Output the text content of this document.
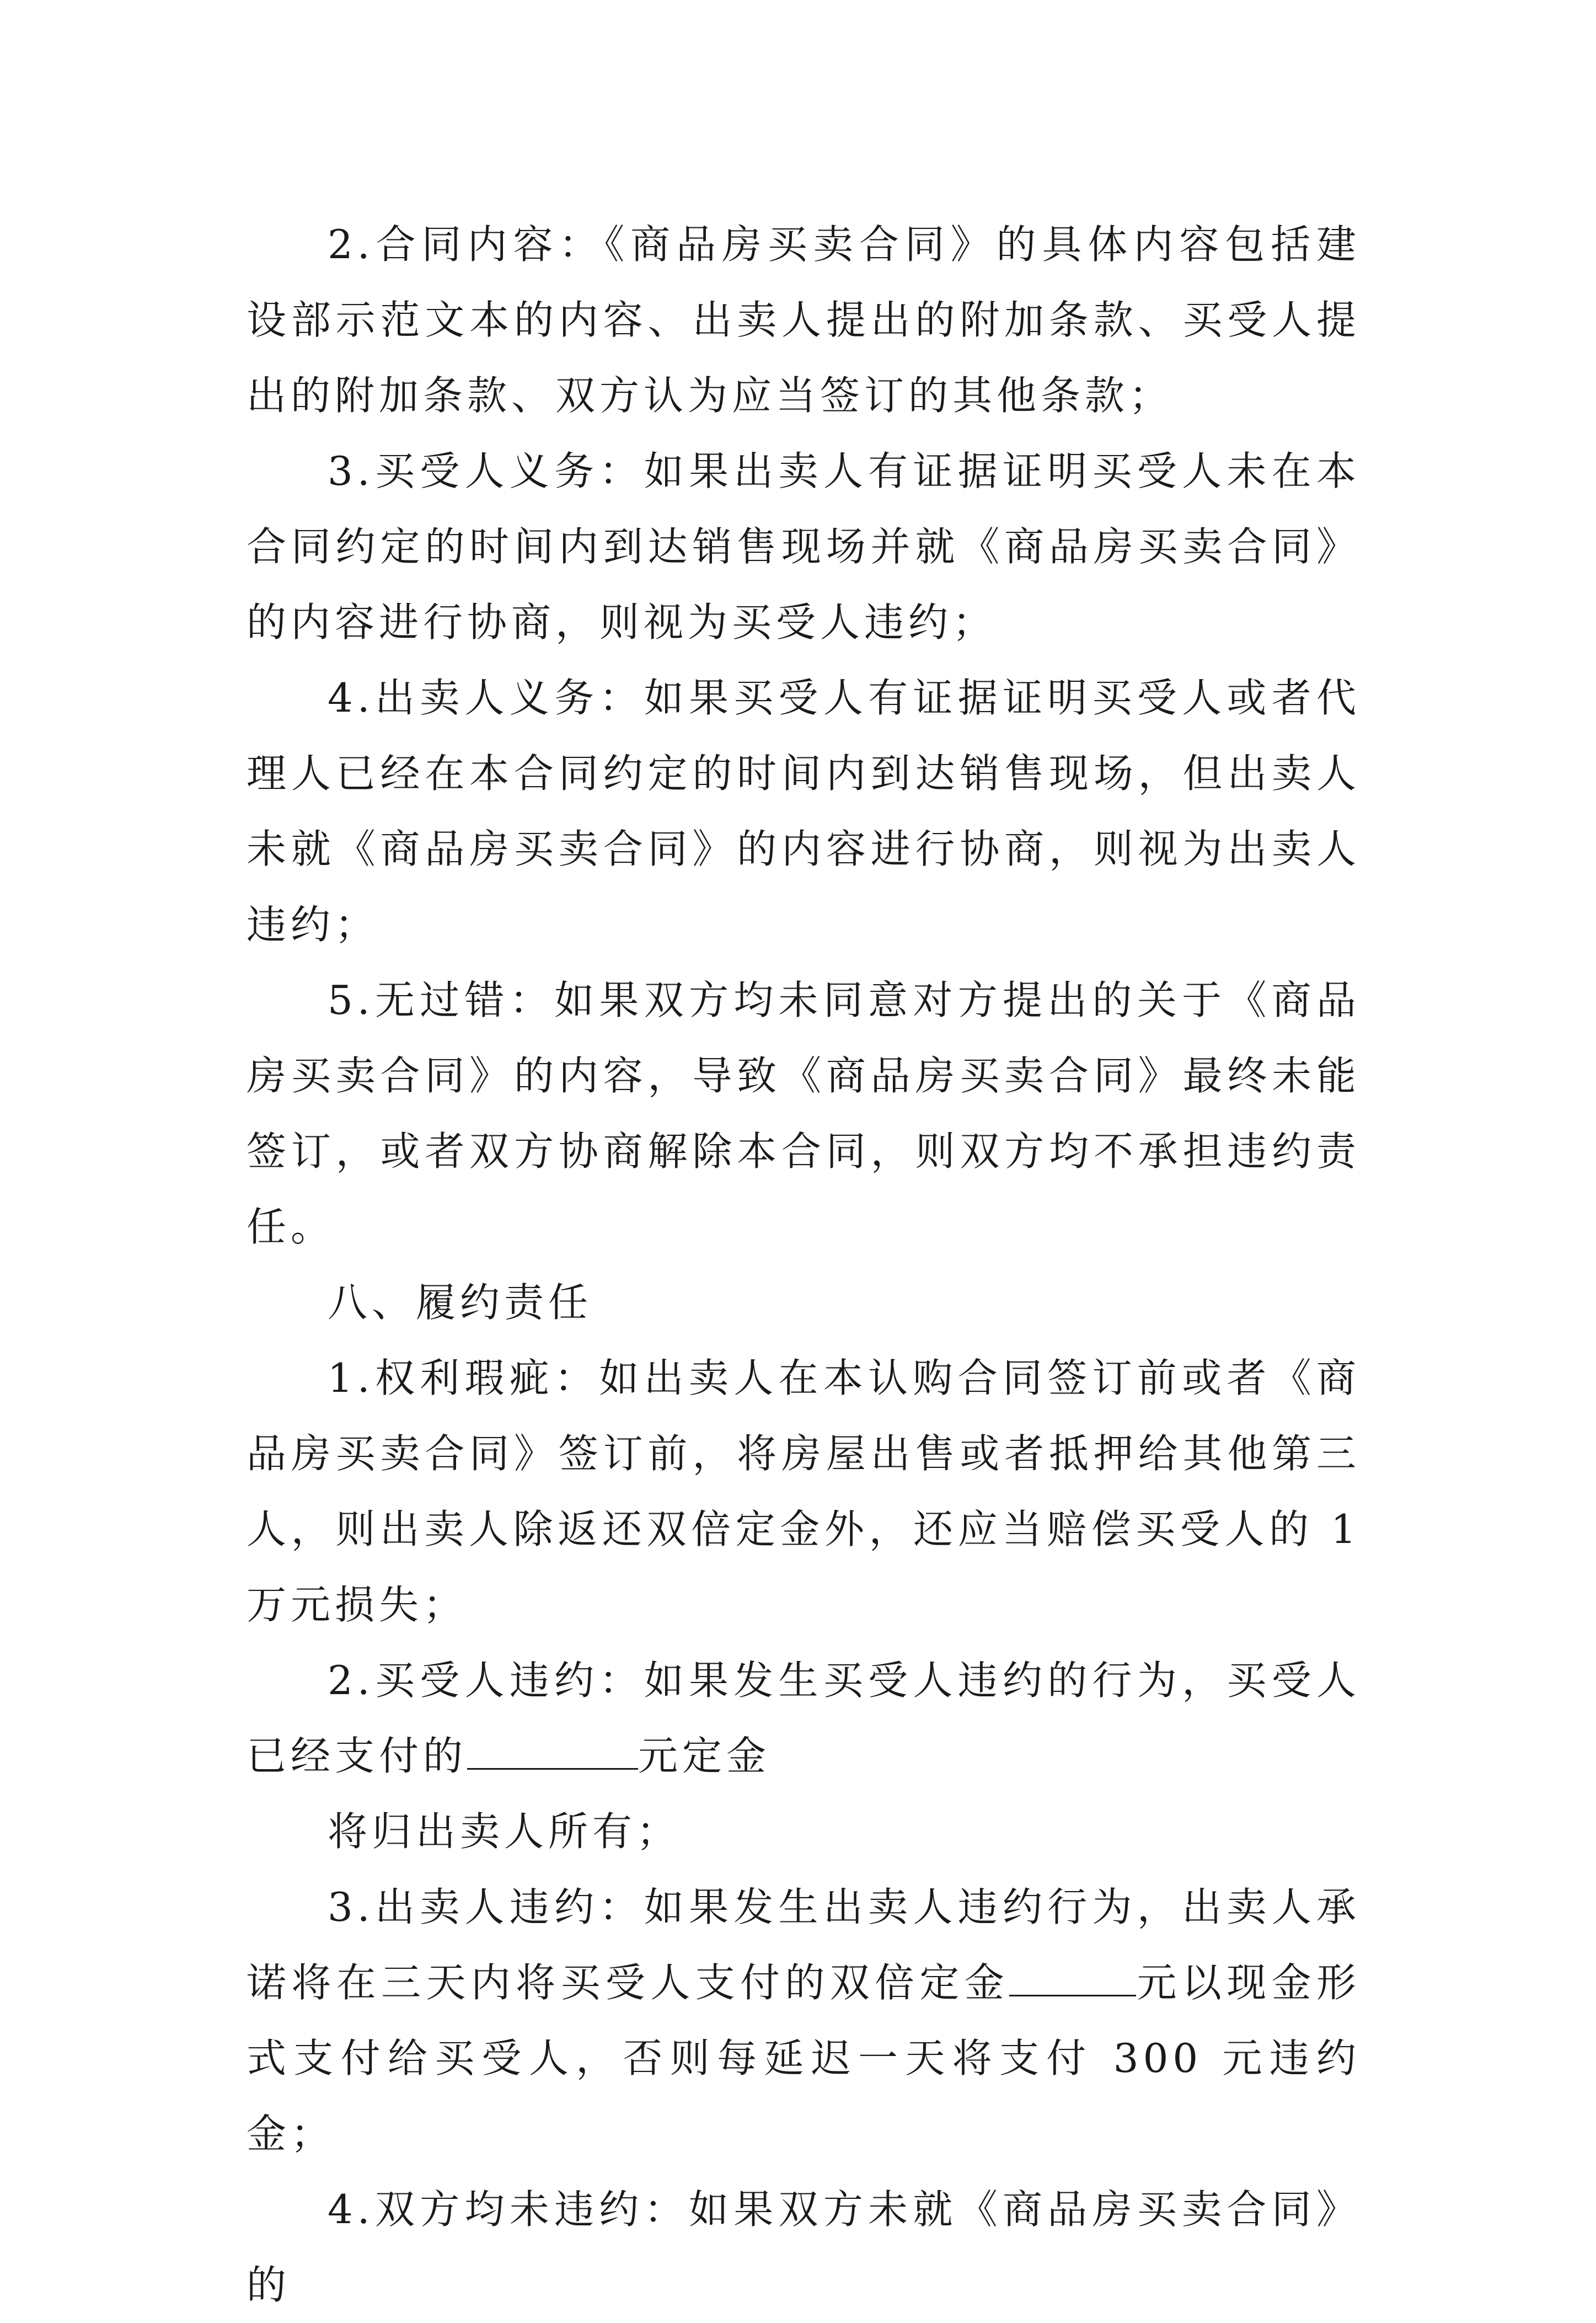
2.合同内容：《商品房买卖合同》的具体内容包括建设部示范文本的内容、出卖人提出的附加条款、买受人提出的附加条款、双方认为应当签订的其他条款；

3.买受人义务：如果出卖人有证据证明买受人未在本合同约定的时间内到达销售现场并就《商品房买卖合同》的内容进行协商，则视为买受人违约；

4.出卖人义务：如果买受人有证据证明买受人或者代理人已经在本合同约定的时间内到达销售现场，但出卖人未就《商品房买卖合同》的内容进行协商，则视为出卖人违约；

5.无过错：如果双方均未同意对方提出的关于《商品房买卖合同》的内容，导致《商品房买卖合同》最终未能签订，或者双方协商解除本合同，则双方均不承担违约责任。

八、履约责任

1.权利瑕疵：如出卖人在本认购合同签订前或者《商品房买卖合同》签订前，将房屋出售或者抵押给其他第三人，则出卖人除返还双倍定金外，还应当赔偿买受人的 1 万元损失；

2.买受人违约：如果发生买受人违约的行为，买受人已经支付的	元定金

将归出卖人所有；

3.出卖人违约：如果发生出卖人违约行为，出卖人承诺将在三天内将买受人支付的双倍定金	元以现金形式支付给买受人，否则每延迟一天将支付 300 元违约金；

4.双方均未违约：如果双方未就《商品房买卖合同》的
